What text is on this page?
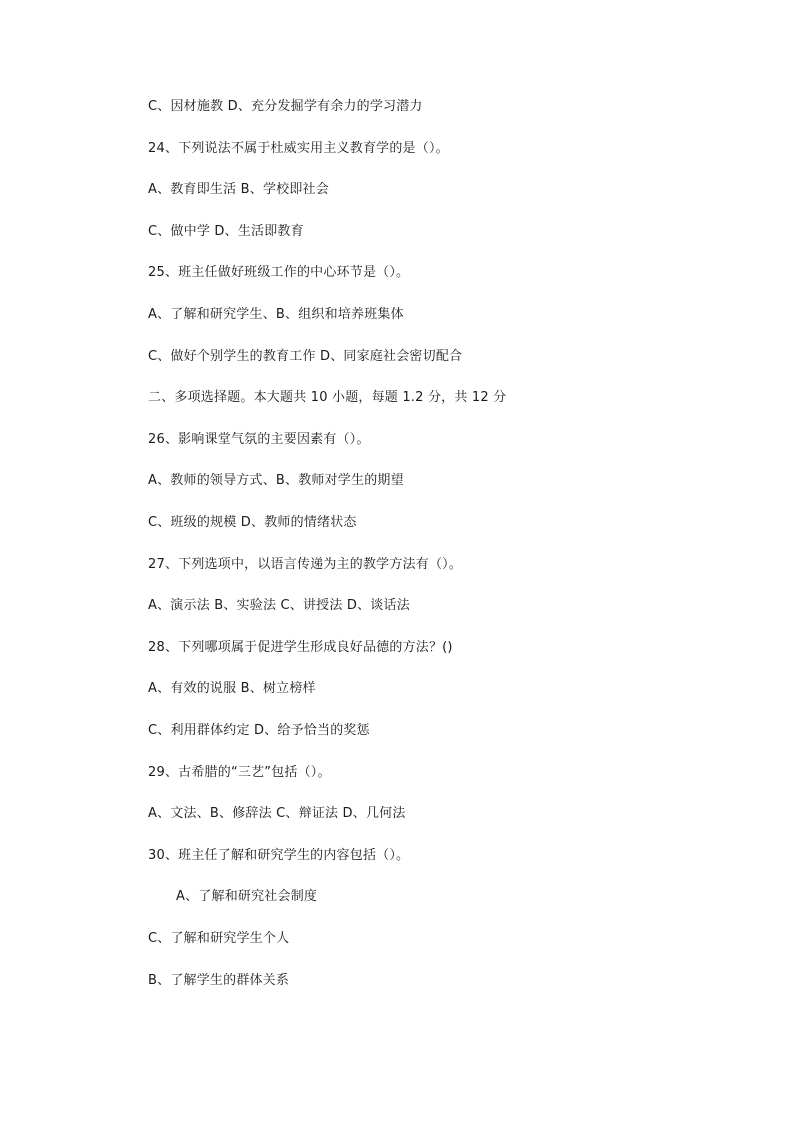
C、因材施教 D、充分发掘学有余力的学习潜力
24、下列说法不属于杜威实用主义教育学的是（）。
A、教育即生活 B、学校即社会
C、做中学 D、生活即教育
25、班主任做好班级工作的中心环节是（）。
A、了解和研究学生、B、组织和培养班集体
C、做好个别学生的教育工作 D、同家庭社会密切配合
二、多项选择题。本大题共 10 小题，每题 1.2 分，共 12 分
26、影响课堂气氛的主要因素有（）。
A、教师的领导方式、B、教师对学生的期望
C、班级的规模 D、教师的情绪状态
27、下列选项中，以语言传递为主的教学方法有（）。
A、演示法 B、实验法 C、讲授法 D、谈话法
28、下列哪项属于促进学生形成良好品德的方法？()
A、有效的说服 B、树立榜样
C、利用群体约定 D、给予恰当的奖惩
29、古希腊的“三艺”包括（）。
A、文法、B、修辞法 C、辩证法 D、几何法
30、班主任了解和研究学生的内容包括（）。
A、了解和研究社会制度
C、了解和研究学生个人
B、了解学生的群体关系
